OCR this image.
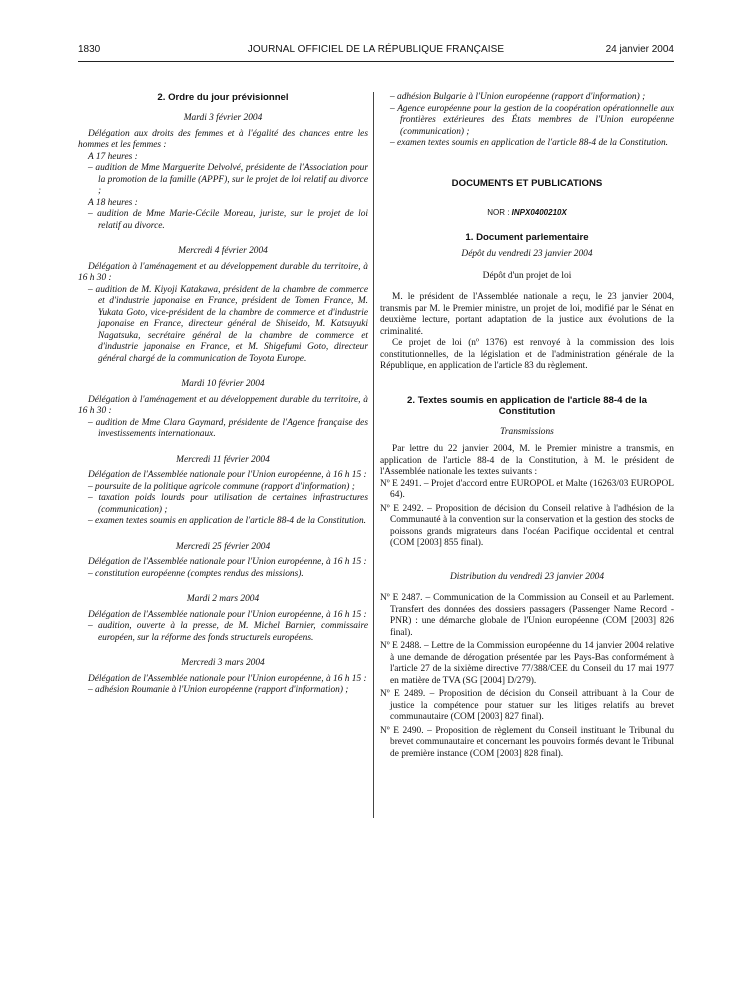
1830	JOURNAL OFFICIEL DE LA RÉPUBLIQUE FRANÇAISE	24 janvier 2004
2. Ordre du jour prévisionnel
Mardi 3 février 2004
Délégation aux droits des femmes et à l'égalité des chances entre les hommes et les femmes :
A 17 heures :
– audition de Mme Marguerite Delvolvé, présidente de l'Association pour la promotion de la famille (APPF), sur le projet de loi relatif au divorce ;
A 18 heures :
– audition de Mme Marie-Cécile Moreau, juriste, sur le projet de loi relatif au divorce.
Mercredi 4 février 2004
Délégation à l'aménagement et au développement durable du territoire, à 16 h 30 :
– audition de M. Kiyoji Katakawa, président de la chambre de commerce et d'industrie japonaise en France, président de Tomen France, M. Yukata Goto, vice-président de la chambre de commerce et d'industrie japonaise en France, directeur général de Shiseido, M. Katsuyuki Nagatsuka, secrétaire général de la chambre de commerce et d'industrie japonaise en France, et M. Shigefumi Goto, directeur général chargé de la communication de Toyota Europe.
Mardi 10 février 2004
Délégation à l'aménagement et au développement durable du territoire, à 16 h 30 :
– audition de Mme Clara Gaymard, présidente de l'Agence française des investissements internationaux.
Mercredi 11 février 2004
Délégation de l'Assemblée nationale pour l'Union européenne, à 16 h 15 :
– poursuite de la politique agricole commune (rapport d'information) ;
– taxation poids lourds pour utilisation de certaines infrastructures (communication) ;
– examen textes soumis en application de l'article 88-4 de la Constitution.
Mercredi 25 février 2004
Délégation de l'Assemblée nationale pour l'Union européenne, à 16 h 15 :
– constitution européenne (comptes rendus des missions).
Mardi 2 mars 2004
Délégation de l'Assemblée nationale pour l'Union européenne, à 16 h 15 :
– audition, ouverte à la presse, de M. Michel Barnier, commissaire européen, sur la réforme des fonds structurels européens.
Mercredi 3 mars 2004
Délégation de l'Assemblée nationale pour l'Union européenne, à 16 h 15 :
– adhésion Roumanie à l'Union européenne (rapport d'information) ;
– adhésion Bulgarie à l'Union européenne (rapport d'information) ;
– Agence européenne pour la gestion de la coopération opérationnelle aux frontières extérieures des États membres de l'Union européenne (communication) ;
– examen textes soumis en application de l'article 88-4 de la Constitution.
DOCUMENTS ET PUBLICATIONS
NOR : INPX0400210X
1. Document parlementaire
Dépôt du vendredi 23 janvier 2004
Dépôt d'un projet de loi
M. le président de l'Assemblée nationale a reçu, le 23 janvier 2004, transmis par M. le Premier ministre, un projet de loi, modifié par le Sénat en deuxième lecture, portant adaptation de la justice aux évolutions de la criminalité.
Ce projet de loi (nº 1376) est renvoyé à la commission des lois constitutionnelles, de la législation et de l'administration générale de la République, en application de l'article 83 du règlement.
2. Textes soumis en application de l'article 88-4 de la Constitution
Transmissions
Par lettre du 22 janvier 2004, M. le Premier ministre a transmis, en application de l'article 88-4 de la Constitution, à M. le président de l'Assemblée nationale les textes suivants :
Nº E 2491. – Projet d'accord entre EUROPOL et Malte (16263/03 EUROPOL 64).
Nº E 2492. – Proposition de décision du Conseil relative à l'adhésion de la Communauté à la convention sur la conservation et la gestion des stocks de poissons grands migrateurs dans l'océan Pacifique occidental et central (COM [2003] 855 final).
Distribution du vendredi 23 janvier 2004
Nº E 2487. – Communication de la Commission au Conseil et au Parlement. Transfert des données des dossiers passagers (Passenger Name Record - PNR) : une démarche globale de l'Union européenne (COM [2003] 826 final).
Nº E 2488. – Lettre de la Commission européenne du 14 janvier 2004 relative à une demande de dérogation présentée par les Pays-Bas conformément à l'article 27 de la sixième directive 77/388/CEE du Conseil du 17 mai 1977 en matière de TVA (SG [2004] D/279).
Nº E 2489. – Proposition de décision du Conseil attribuant à la Cour de justice la compétence pour statuer sur les litiges relatifs au brevet communautaire (COM [2003] 827 final).
Nº E 2490. – Proposition de règlement du Conseil instituant le Tribunal du brevet communautaire et concernant les pouvoirs formés devant le Tribunal de première instance (COM [2003] 828 final).
